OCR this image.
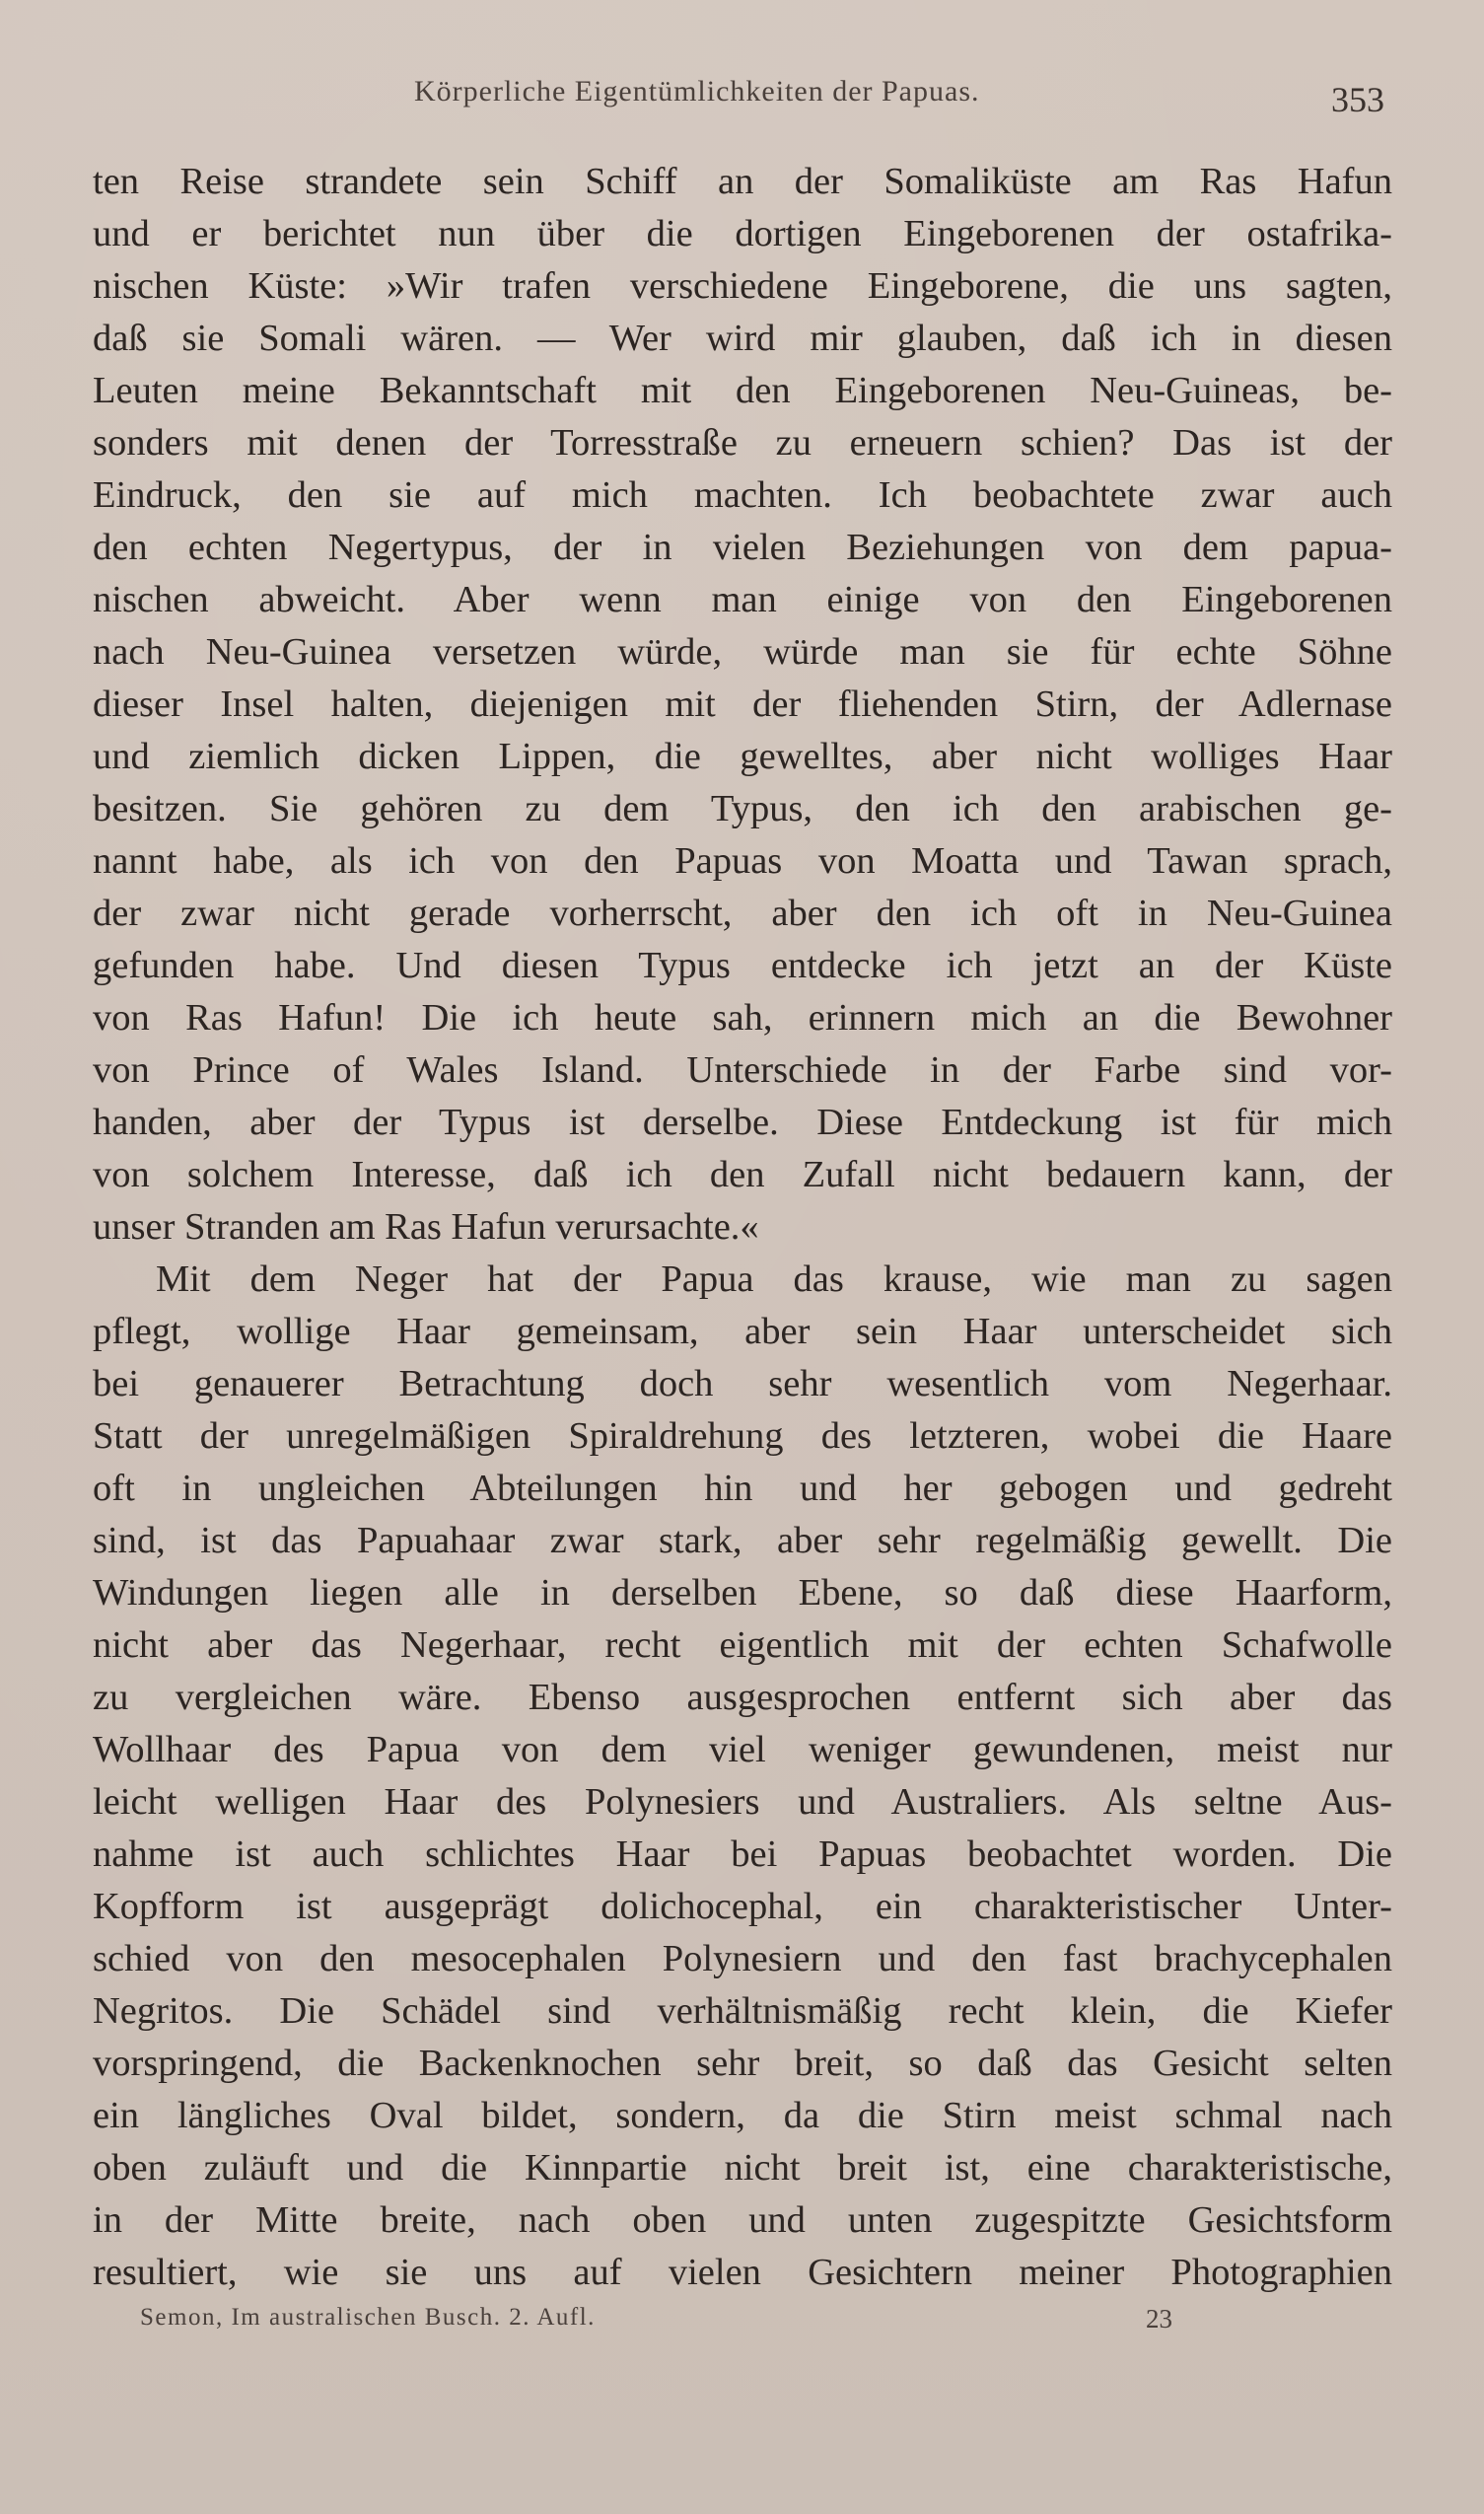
Körperliche Eigentümlichkeiten der Papuas.	353
ten Reise strandete sein Schiff an der Somaliküste am Ras Hafun
und er berichtet nun über die dortigen Eingeborenen der ostafrika-
nischen Küste: »Wir trafen verschiedene Eingeborene, die uns sagten,
daß sie Somali wären. — Wer wird mir glauben, daß ich in diesen
Leuten meine Bekanntschaft mit den Eingeborenen Neu-Guineas, be-
sonders mit denen der Torresstraße zu erneuern schien? Das ist der
Eindruck, den sie auf mich machten. Ich beobachtete zwar auch
den echten Negertypus, der in vielen Beziehungen von dem papua-
nischen abweicht. Aber wenn man einige von den Eingeborenen
nach Neu-Guinea versetzen würde, würde man sie für echte Söhne
dieser Insel halten, diejenigen mit der fliehenden Stirn, der Adlernase
und ziemlich dicken Lippen, die gewelltes, aber nicht wolliges Haar
besitzen. Sie gehören zu dem Typus, den ich den arabischen ge-
nannt habe, als ich von den Papuas von Moatta und Tawan sprach,
der zwar nicht gerade vorherrscht, aber den ich oft in Neu-Guinea
gefunden habe. Und diesen Typus entdecke ich jetzt an der Küste
von Ras Hafun! Die ich heute sah, erinnern mich an die Bewohner
von Prince of Wales Island. Unterschiede in der Farbe sind vor-
handen, aber der Typus ist derselbe. Diese Entdeckung ist für mich
von solchem Interesse, daß ich den Zufall nicht bedauern kann, der
unser Stranden am Ras Hafun verursachte.«
Mit dem Neger hat der Papua das krause, wie man zu sagen
pflegt, wollige Haar gemeinsam, aber sein Haar unterscheidet sich
bei genauerer Betrachtung doch sehr wesentlich vom Negerhaar.
Statt der unregelmäßigen Spiraldrehung des letzteren, wobei die Haare
oft in ungleichen Abteilungen hin und her gebogen und gedreht
sind, ist das Papuahaar zwar stark, aber sehr regelmäßig gewellt. Die
Windungen liegen alle in derselben Ebene, so daß diese Haarform,
nicht aber das Negerhaar, recht eigentlich mit der echten Schafwolle
zu vergleichen wäre. Ebenso ausgesprochen entfernt sich aber das
Wollhaar des Papua von dem viel weniger gewundenen, meist nur
leicht welligen Haar des Polynesiers und Australiers. Als seltne Aus-
nahme ist auch schlichtes Haar bei Papuas beobachtet worden. Die
Kopfform ist ausgeprägt dolichocephal, ein charakteristischer Unter-
schied von den mesocephalen Polynesiern und den fast brachycephalen
Negritos. Die Schädel sind verhältnismäßig recht klein, die Kiefer
vorspringend, die Backenknochen sehr breit, so daß das Gesicht selten
ein längliches Oval bildet, sondern, da die Stirn meist schmal nach
oben zuläuft und die Kinnpartie nicht breit ist, eine charakteristische,
in der Mitte breite, nach oben und unten zugespitzte Gesichtsform
resultiert, wie sie uns auf vielen Gesichtern meiner Photographien
Semon, Im australischen Busch. 2. Aufl.	23
